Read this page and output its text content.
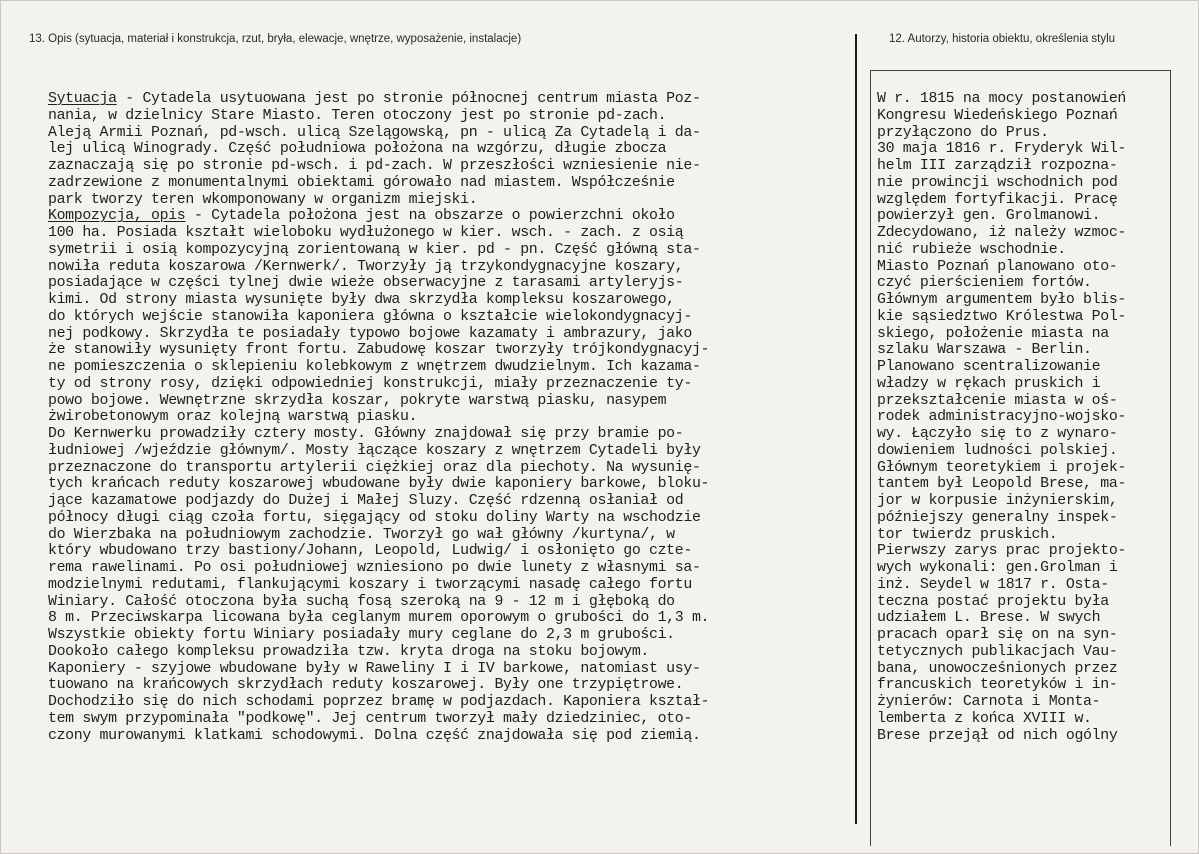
13. Opis (sytuacja, materiał i konstrukcja, rzut, bryła, elewacje, wnętrze, wyposażenie, instalacje)	12. Autorzy, historia obiektu, określenia stylu
Sytuacja - Cytadela usytuowana jest po stronie północnej centrum miasta Poz-
nania, w dzielnicy Stare Miasto. Teren otoczony jest po stronie pd-zach.
Aleją Armii Poznań, pd-wsch. ulicą Szelągowską, pn - ulicą Za Cytadelą i da-
lej ulicą Winogrady. Część południowa położona na wzgórzu, długie zbocza
zaznaczają się po stronie pd-wsch. i pd-zach. W przeszłości wzniesienie nie-
zadrzewione z monumentalnymi obiektami górowało nad miastem. Współcześnie
park tworzy teren wkomponowany w organizm miejski.
Kompozycja, opis - Cytadela położona jest na obszarze o powierzchni około
100 ha. Posiada kształt wieloboku wydłużonego w kier. wsch. - zach. z osią
symetrii i osią kompozycyjną zorientowaną w kier. pd - pn. Część główną sta-
nowiła reduta koszarowa /Kernwerk/. Tworzyły ją trzykondygnacyjne koszary,
posiadające w części tylnej dwie wieże obserwacyjne z tarasami artyleryjs-
kimi. Od strony miasta wysunięte były dwa skrzydła kompleksu koszarowego,
do których wejście stanowiła kaponiera główna o kształcie wielokondygnacyj-
nej podkowy. Skrzydła te posiadały typowo bojowe kazamaty i ambrazury, jako
że stanowiły wysunięty front fortu. Zabudowę koszar tworzyły trójkondygnacyj-
ne pomieszczenia o sklepieniu kolebkowym z wnętrzem dwudzielnym. Ich kazama-
ty od strony rosy, dzięki odpowiedniej konstrukcji, miały przeznaczenie ty-
powo bojowe. Wewnętrzne skrzydła koszar, pokryte warstwą piasku, nasypem
żwirobetonowym oraz kolejną warstwą piasku.
Do Kernwerku prowadziły cztery mosty. Główny znajdował się przy bramie po-
łudniowej /wjeździe głównym/. Mosty łączące koszary z wnętrzem Cytadeli były
przeznaczone do transportu artylerii ciężkiej oraz dla piechoty. Na wysunię-
tych krańcach reduty koszarowej wbudowane były dwie kaponiery barkowe, bloku-
jące kazamatowe podjazdy do Dużej i Małej Sluzy. Część rdzenną osłaniał od
północy długi ciąg czoła fortu, sięgający od stoku doliny Warty na wschodzie
do Wierzbaka na południowym zachodzie. Tworzył go wał główny /kurtyna/, w
który wbudowano trzy bastiony/Johann, Leopold, Ludwig/ i osłonięto go czte-
rema rawelinami. Po osi południowej wzniesiono po dwie lunety z własnymi sa-
modzielnymi redutami, flankującymi koszary i tworzącymi nasadę całego fortu
Winiary. Całość otoczona była suchą fosą szeroką na 9 - 12 m i głęboką do
8 m. Przeciwskarpa licowana była ceglanym murem oporowym o grubości do 1,3 m.
Wszystkie obiekty fortu Winiary posiadały mury ceglane do 2,3 m grubości.
Dookoło całego kompleksu prowadziła tzw. kryta droga na stoku bojowym.
Kaponiery - szyjowe wbudowane były w Raweliny I i IV barkowe, natomiast usy-
tuowano na krańcowych skrzydłach reduty koszarowej. Były one trzypiętrowe.
Dochodziło się do nich schodami poprzez bramę w podjazdach. Kaponiera kształ-
tem swym przypominała "podkowę". Jej centrum tworzył mały dziedziniec, oto-
czony murowanymi klatkami schodowymi. Dolna część znajdowała się pod ziemią.
W r. 1815 na mocy postanowień
Kongresu Wiedeńskiego Poznań
przyłączono do Prus.
30 maja 1816 r. Fryderyk Wil-
helm III zarządził rozpozna-
nie prowincji wschodnich pod
względem fortyfikacji. Pracę
powierzył gen. Grolmanowi.
Zdecydowano, iż należy wzmoc-
nić rubieże wschodnie.
Miasto Poznań planowano oto-
czyć pierścieniem fortów.
Głównym argumentem było blis-
kie sąsiedztwo Królestwa Pol-
skiego, położenie miasta na
szlaku Warszawa - Berlin.
Planowano scentralizowanie
władzy w rękach pruskich i
przekształcenie miasta w oś-
rodek administracyjno-wojsko-
wy. Łączyło się to z wynaro-
dowieniem ludności polskiej.
Głównym teoretykiem i projek-
tantem był Leopold Brese, ma-
jor w korpusie inżynierskim,
późniejszy generalny inspek-
tor twierdz pruskich.
Pierwszy zarys prac projekto-
wych wykonali: gen.Grolman i
inż. Seydel w 1817 r. Osta-
teczna postać projektu była
udziałem L. Brese. W swych
pracach oparł się on na syn-
tetycznych publikacjach Vau-
bana, unowocześnionych przez
francuskich teoretyków i in-
żynierów: Carnota i Monta-
lemberta z końca XVIII w.
Brese przejął od nich ogólny
